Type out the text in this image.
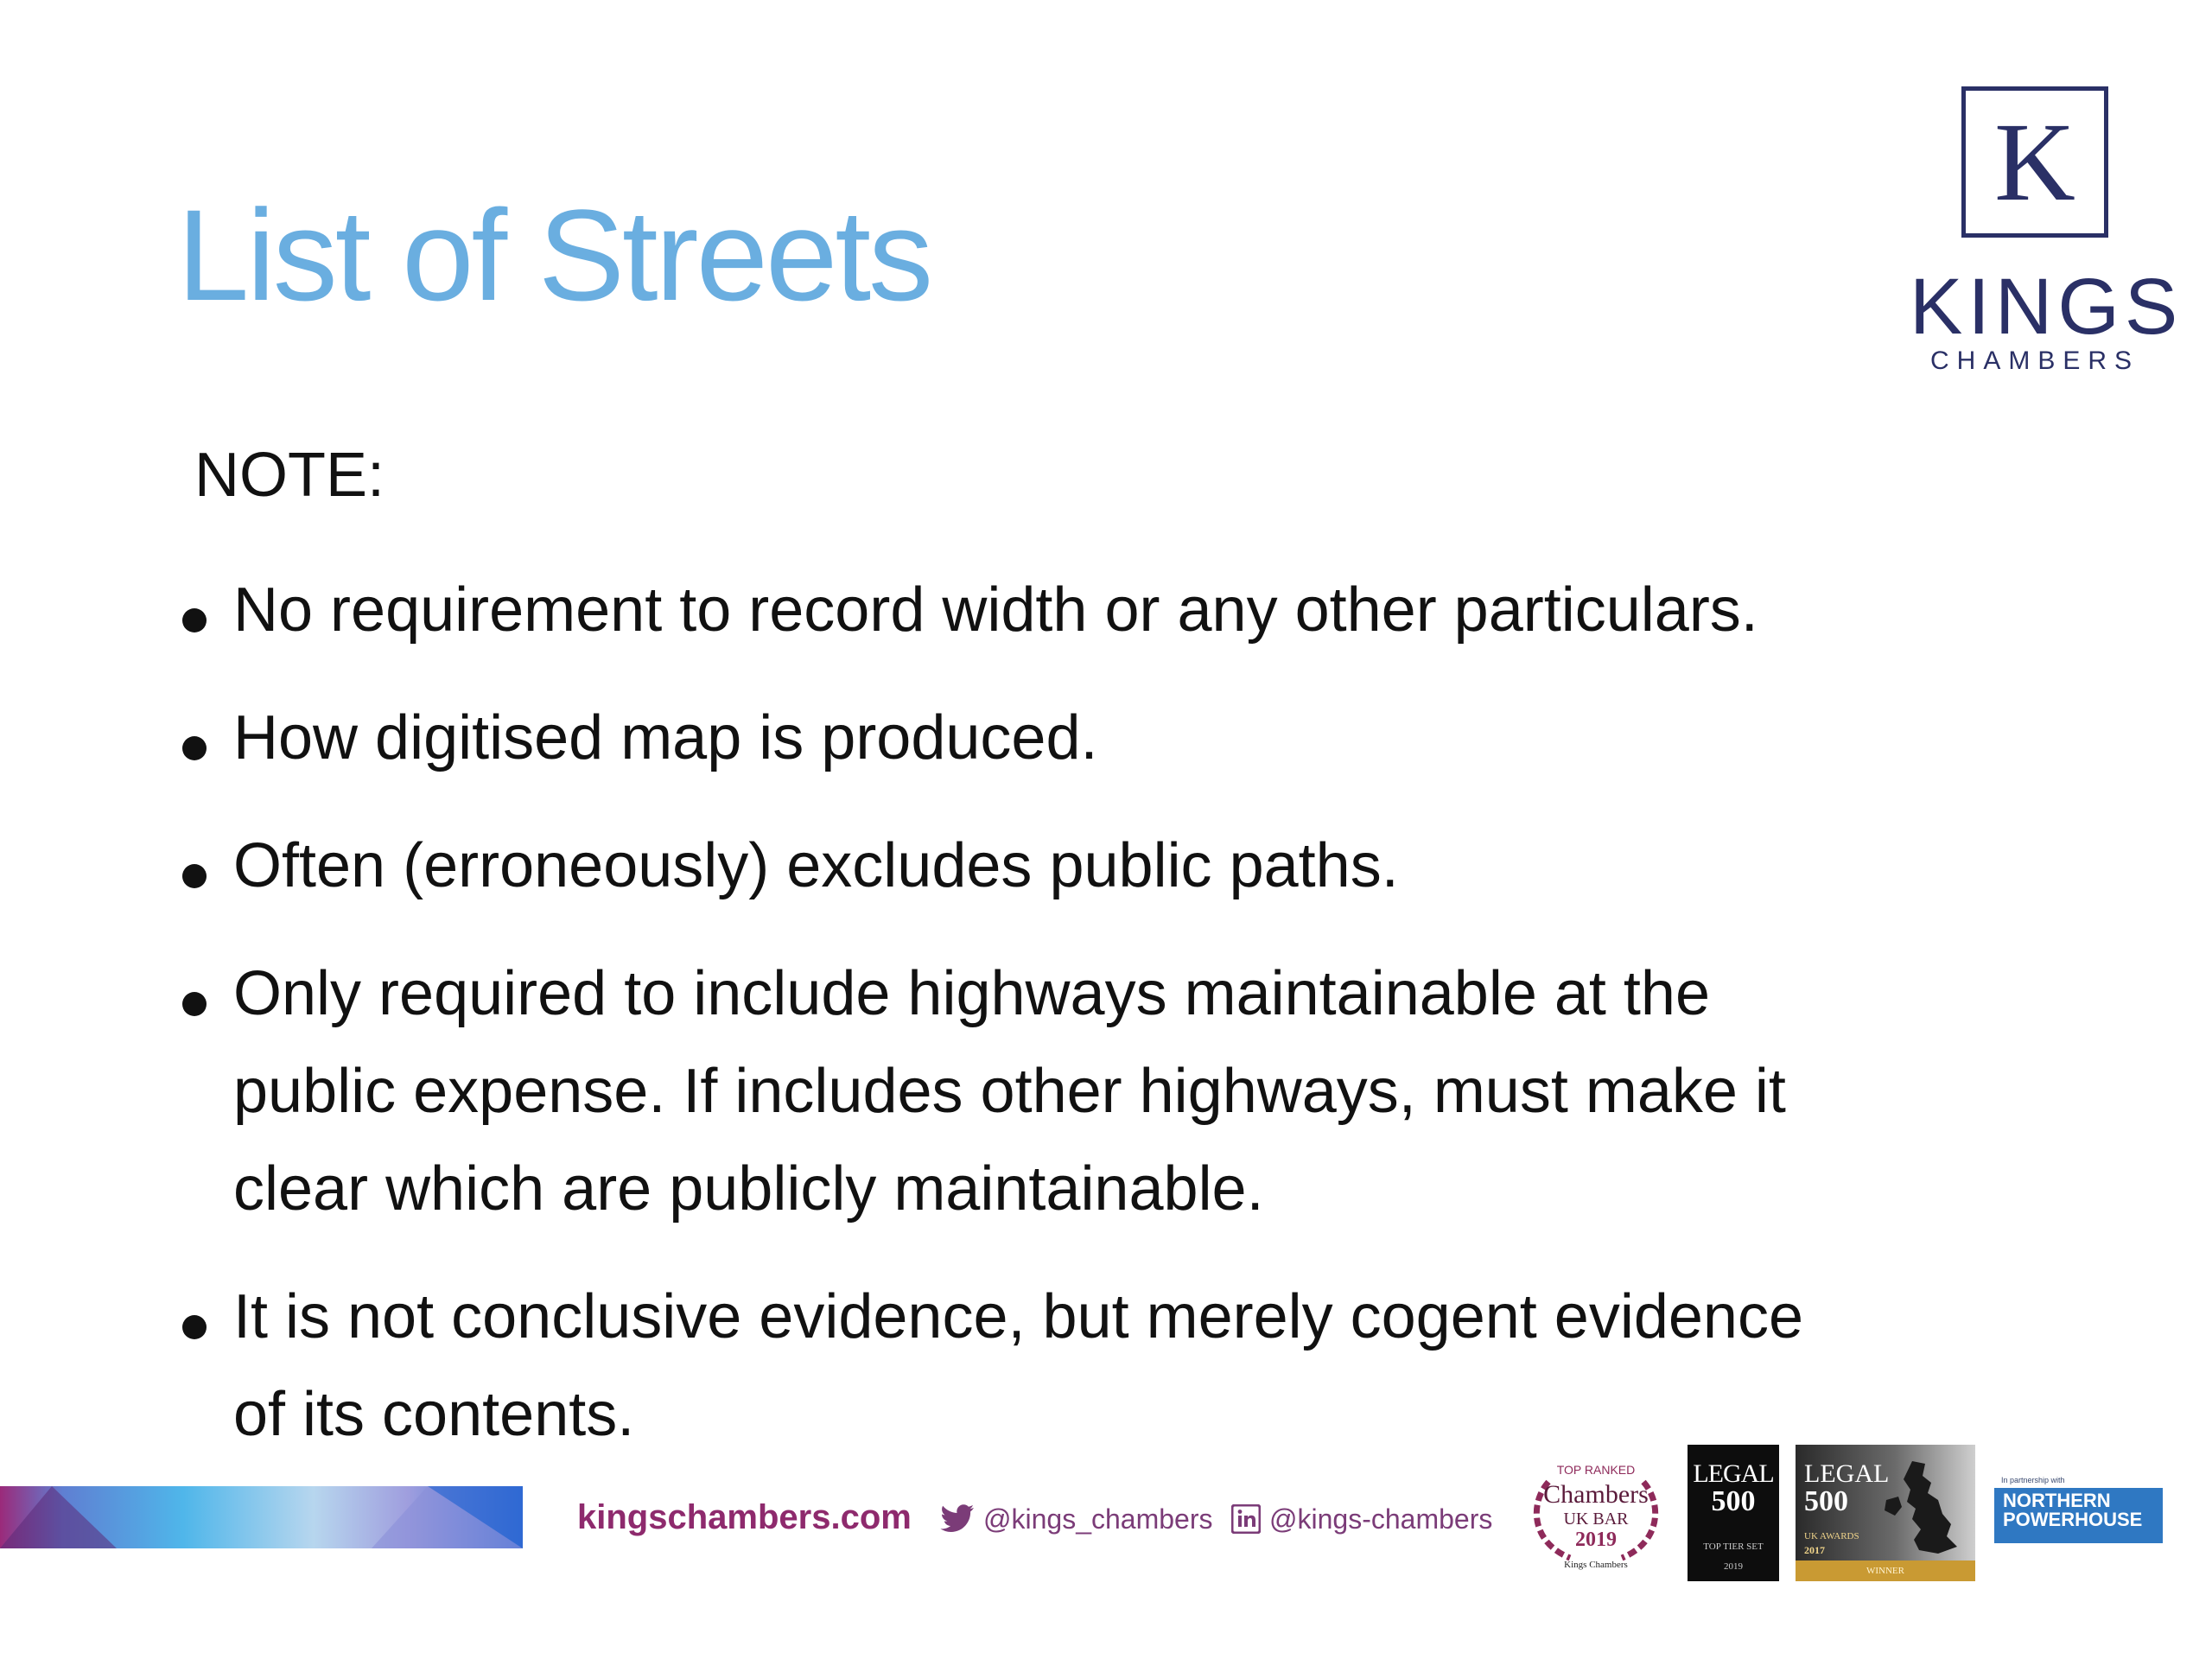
List of Streets
K
KINGS
CHAMBERS
NOTE:
No requirement to record width or any other particulars.
How digitised map is produced.
Often (erroneously) excludes public paths.
Only required to include highways maintainable at the
public expense. If includes other highways, must make it
clear which are publicly maintainable.
It is not conclusive evidence, but merely cogent evidence
of its contents.
kingschambers.com	@kings_chambers @kings-chambers
TOP RANKED
Chambers
UK BAR
2019
Kings Chambers
LEGAL
500
TOP TIER SET
2019
LEGAL
500
UK AWARDS
2017
WINNER
In partnership with
NORTHERN
POWERHOUSE
